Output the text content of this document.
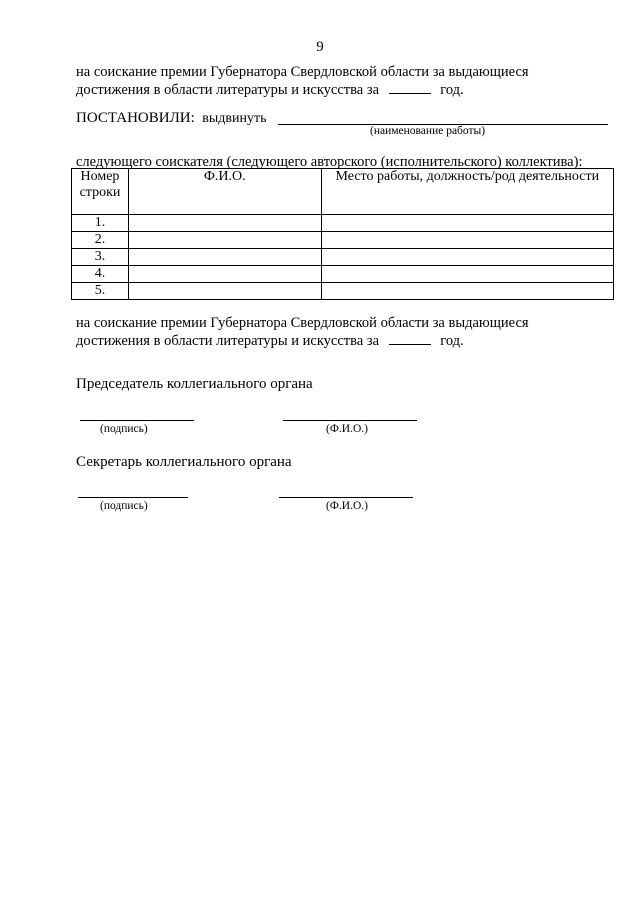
9
на соискание премии Губернатора Свердловской области за выдающиеся
достижения в области литературы и искусства за	год.
ПОСТАНОВИЛИ: выдвинуть
(наименование работы)
следующего соискателя (следующего авторского (исполнительского) коллектива):
Номер строки	Ф.И.О.	Место работы, должность/род деятельности
1.		
2.		
3.		
4.		
5.		
на соискание премии Губернатора Свердловской области за выдающиеся
достижения в области литературы и искусства за	год.
Председатель коллегиального органа
(подпись)	(Ф.И.О.)
Секретарь коллегиального органа
(подпись)	(Ф.И.О.)
